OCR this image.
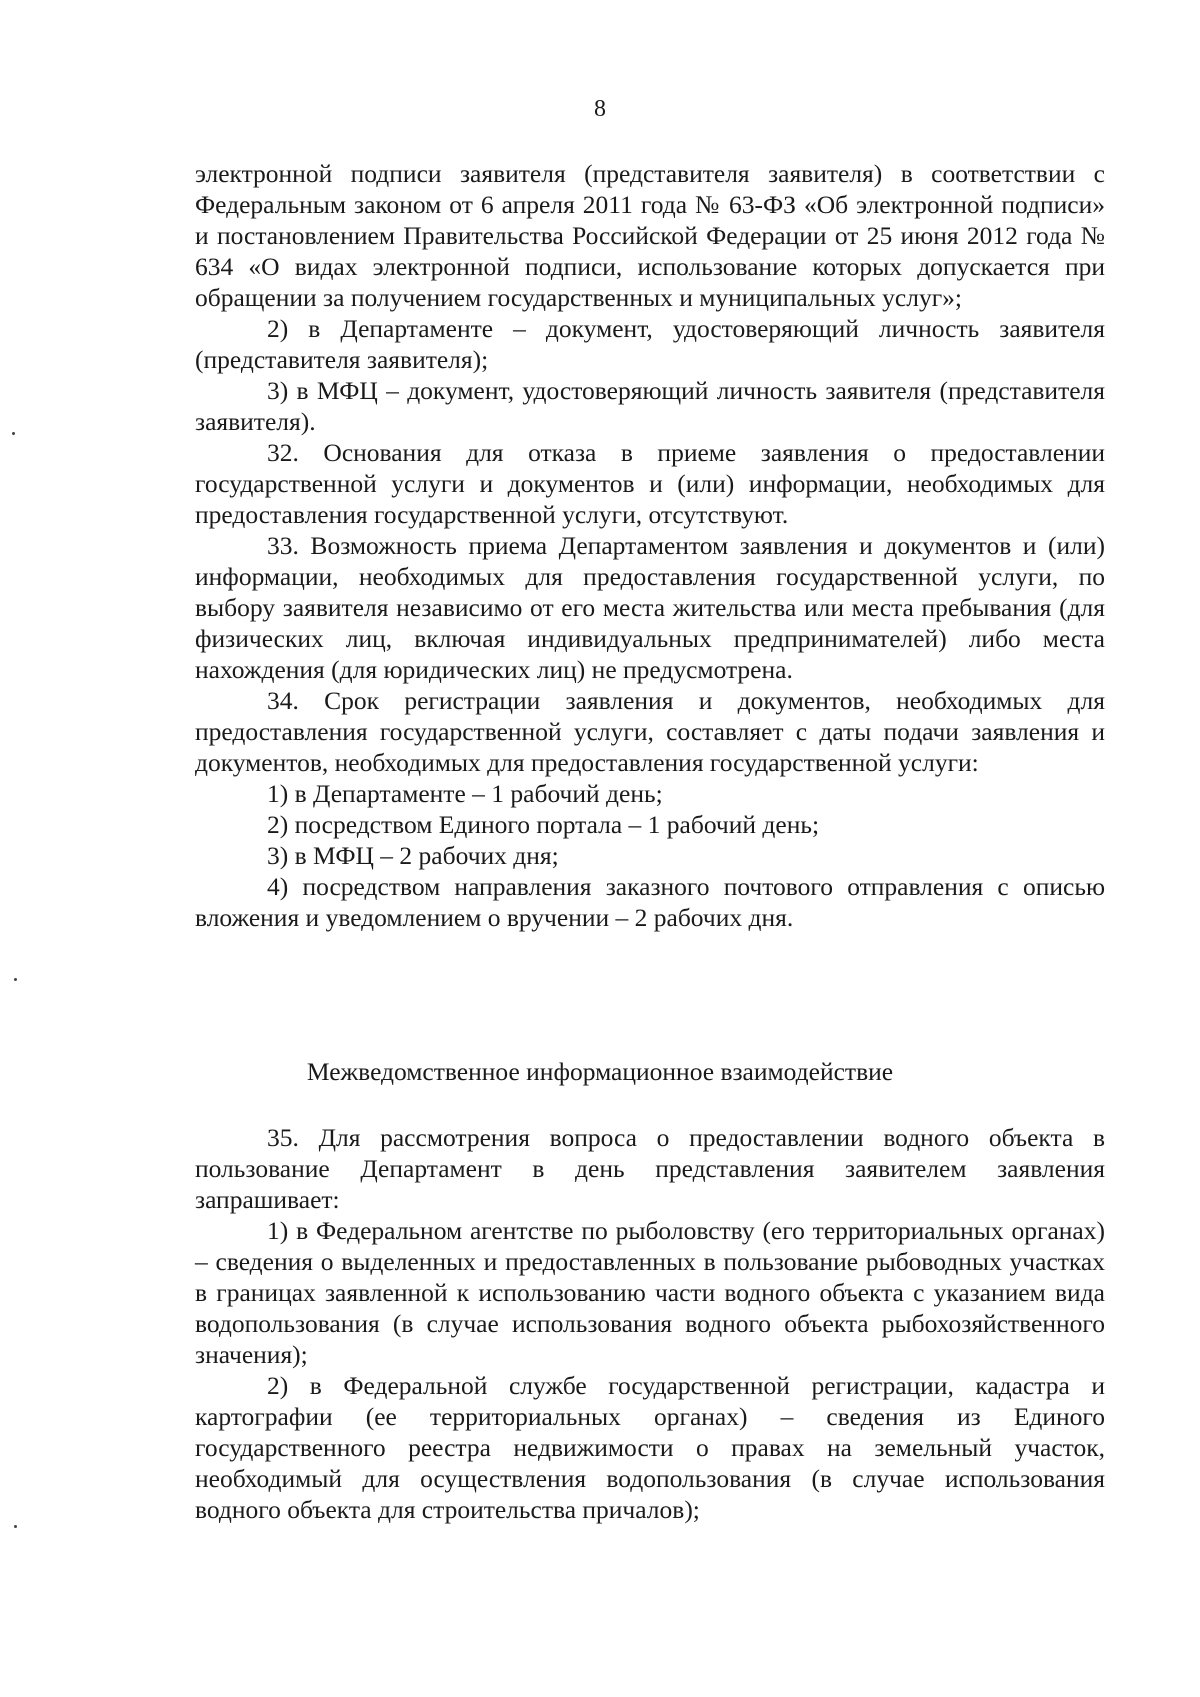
8

электронной подписи заявителя (представителя заявителя) в соответствии с Федеральным законом от 6 апреля 2011 года № 63-ФЗ «Об электронной подписи» и постановлением Правительства Российской Федерации от 25 июня 2012 года № 634 «О видах электронной подписи, использование которых допускается при обращении за получением государственных и муниципальных услуг»;

2) в Департаменте – документ, удостоверяющий личность заявителя (представителя заявителя);

3) в МФЦ – документ, удостоверяющий личность заявителя (представителя заявителя).

32. Основания для отказа в приеме заявления о предоставлении государственной услуги и документов и (или) информации, необходимых для предоставления государственной услуги, отсутствуют.

33. Возможность приема Департаментом заявления и документов и (или) информации, необходимых для предоставления государственной услуги, по выбору заявителя независимо от его места жительства или места пребывания (для физических лиц, включая индивидуальных предпринимателей) либо места нахождения (для юридических лиц) не предусмотрена.

34. Срок регистрации заявления и документов, необходимых для предоставления государственной услуги, составляет с даты подачи заявления и документов, необходимых для предоставления государственной услуги:

1) в Департаменте – 1 рабочий день;

2) посредством Единого портала – 1 рабочий день;

3) в МФЦ – 2 рабочих дня;

4) посредством направления заказного почтового отправления с описью вложения и уведомлением о вручении – 2 рабочих дня.

Межведомственное информационное взаимодействие

35. Для рассмотрения вопроса о предоставлении водного объекта в пользование Департамент в день представления заявителем заявления запрашивает:

1) в Федеральном агентстве по рыболовству (его территориальных органах) – сведения о выделенных и предоставленных в пользование рыбоводных участках в границах заявленной к использованию части водного объекта с указанием вида водопользования (в случае использования водного объекта рыбохозяйственного значения);

2) в Федеральной службе государственной регистрации, кадастра и картографии (ее территориальных органах) – сведения из Единого государственного реестра недвижимости о правах на земельный участок, необходимый для осуществления водопользования (в случае использования водного объекта для строительства причалов);
